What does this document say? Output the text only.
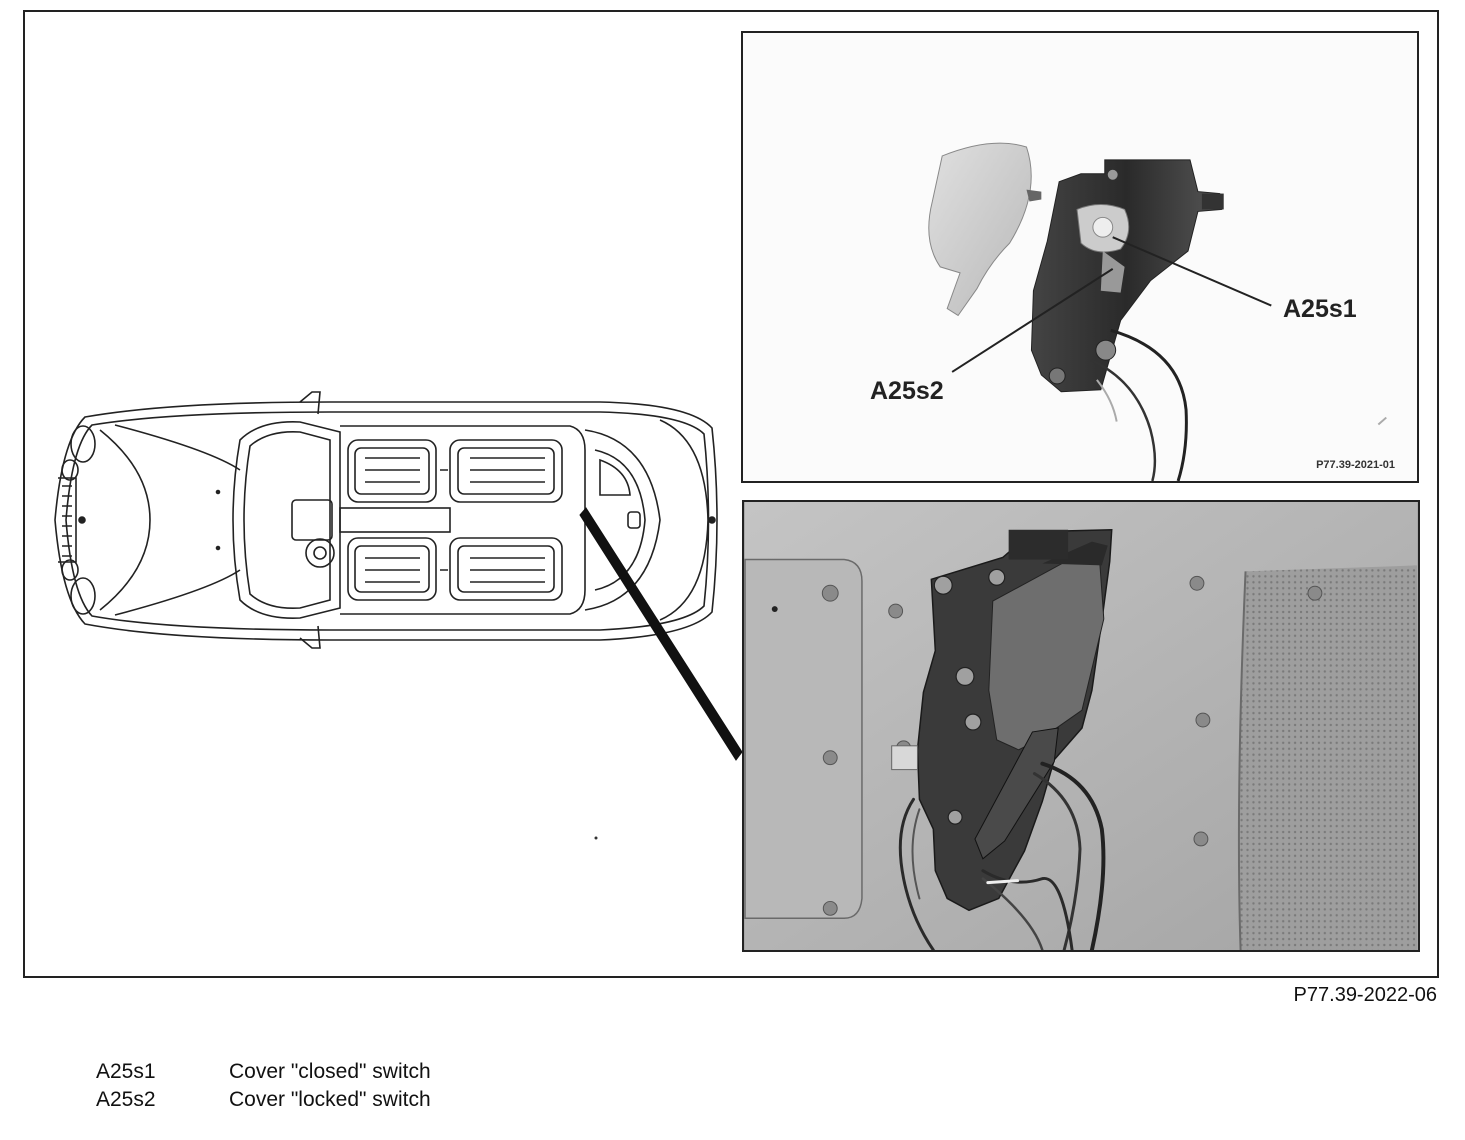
A25s1
A25s2
P77.39-2021-01
P77.39-2022-06
A25s1	Cover "closed" switch
A25s2	Cover "locked" switch
